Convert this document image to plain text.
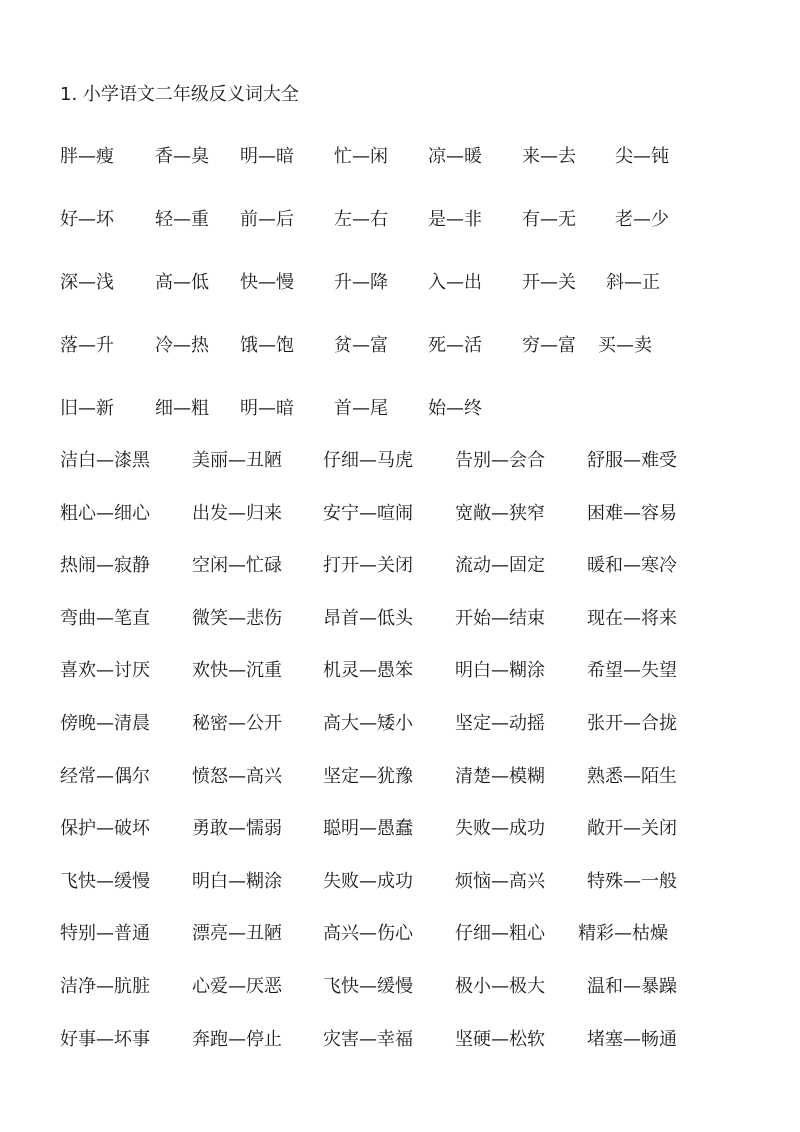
1. 小学语文二年级反义词大全
胖—瘦 香—臭 明—暗 忙—闲 凉—暖 来—去 尖—钝
好—坏 轻—重 前—后 左—右 是—非 有—无 老—少
深—浅 高—低 快—慢 升—降 入—出 开—关 斜—正
落—升 冷—热 饿—饱 贫—富 死—活 穷—富 买—卖
旧—新 细—粗 明—暗 首—尾 始—终
洁白—漆黑 美丽—丑陋 仔细—马虎 告别—会合 舒服—难受
粗心—细心 出发—归来 安宁—喧闹 宽敞—狭窄 困难—容易
热闹—寂静 空闲—忙碌 打开—关闭 流动—固定 暖和—寒冷
弯曲—笔直 微笑—悲伤 昂首—低头 开始—结束 现在—将来
喜欢—讨厌 欢快—沉重 机灵—愚笨 明白—糊涂 希望—失望
傍晚—清晨 秘密—公开 高大—矮小 坚定—动摇 张开—合拢
经常—偶尔 愤怒—高兴 坚定—犹豫 清楚—模糊 熟悉—陌生
保护—破坏 勇敢—懦弱 聪明—愚蠢 失败—成功 敞开—关闭
飞快—缓慢 明白—糊涂 失败—成功 烦恼—高兴 特殊—一般
特别—普通 漂亮—丑陋 高兴—伤心 仔细—粗心 精彩—枯燥
洁净—肮脏 心爱—厌恶 飞快—缓慢 极小—极大 温和—暴躁
好事—坏事 奔跑—停止 灾害—幸福 坚硬—松软 堵塞—畅通
